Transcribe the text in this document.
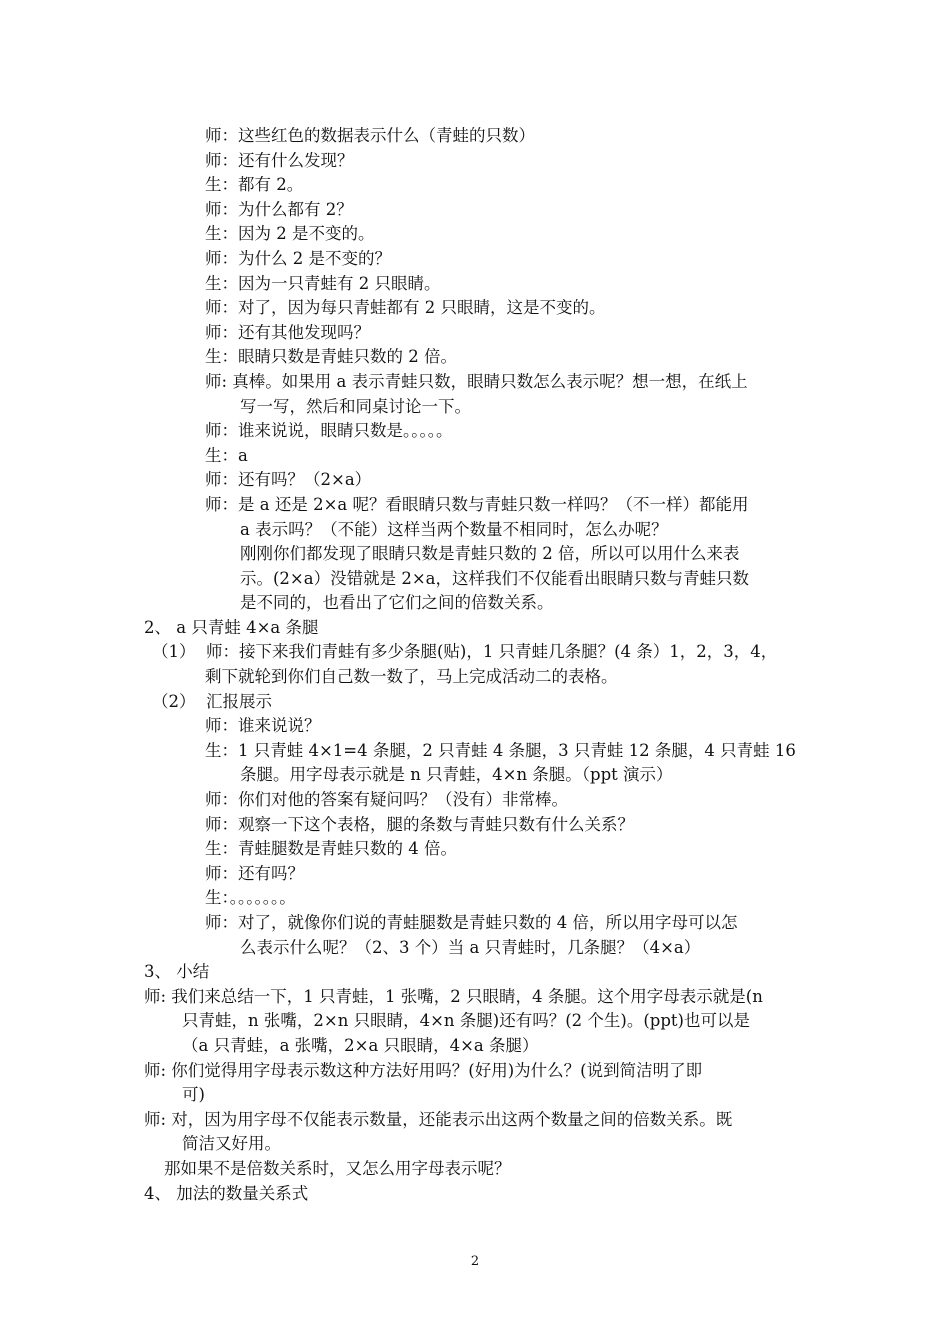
师：这些红色的数据表示什么（青蛙的只数）
师：还有什么发现？
生：都有 2。
师：为什么都有 2？
生：因为 2 是不变的。
师：为什么 2 是不变的？
生：因为一只青蛙有 2 只眼睛。
师：对了，因为每只青蛙都有 2 只眼睛，这是不变的。
师：还有其他发现吗？
生：眼睛只数是青蛙只数的 2 倍。
师: 真棒。如果用 a 表示青蛙只数，眼睛只数怎么表示呢？想一想，在纸上
写一写，然后和同桌讨论一下。
师：谁来说说，眼睛只数是。。。。。
生：a
师：还有吗？（2×a）
师：是 a 还是 2×a 呢？看眼睛只数与青蛙只数一样吗？（不一样）都能用
a 表示吗？（不能）这样当两个数量不相同时，怎么办呢？
刚刚你们都发现了眼睛只数是青蛙只数的 2 倍，所以可以用什么来表
示。(2×a）没错就是 2×a，这样我们不仅能看出眼睛只数与青蛙只数
是不同的，也看出了它们之间的倍数关系。
2、 a 只青蛙 4×a 条腿
（1）  师：接下来我们青蛙有多少条腿(贴)，1 只青蛙几条腿？(4 条）1，2，3，4，
剩下就轮到你们自己数一数了，马上完成活动二的表格。
（2）  汇报展示
师：谁来说说？
生：1 只青蛙 4×1=4 条腿，2 只青蛙 4 条腿，3 只青蛙 12 条腿，4 只青蛙 16
条腿。用字母表示就是 n 只青蛙，4×n 条腿。（ppt 演示）
师：你们对他的答案有疑问吗？（没有）非常棒。
师：观察一下这个表格，腿的条数与青蛙只数有什么关系？
生：青蛙腿数是青蛙只数的 4 倍。
师：还有吗？
生：。。。。。。。
师：对了，就像你们说的青蛙腿数是青蛙只数的 4 倍，所以用字母可以怎
么表示什么呢？（2、3 个）当 a 只青蛙时，几条腿？（4×a）
3、 小结
师: 我们来总结一下，1 只青蛙，1 张嘴，2 只眼睛，4 条腿。这个用字母表示就是(n
只青蛙，n 张嘴，2×n 只眼睛，4×n 条腿)还有吗？(2 个生)。(ppt)也可以是
（a 只青蛙，a 张嘴，2×a 只眼睛，4×a 条腿）
师: 你们觉得用字母表示数这种方法好用吗？(好用)为什么？(说到简洁明了即
可)
师: 对，因为用字母不仅能表示数量，还能表示出这两个数量之间的倍数关系。既
简洁又好用。
那如果不是倍数关系时，又怎么用字母表示呢？
4、 加法的数量关系式
2
